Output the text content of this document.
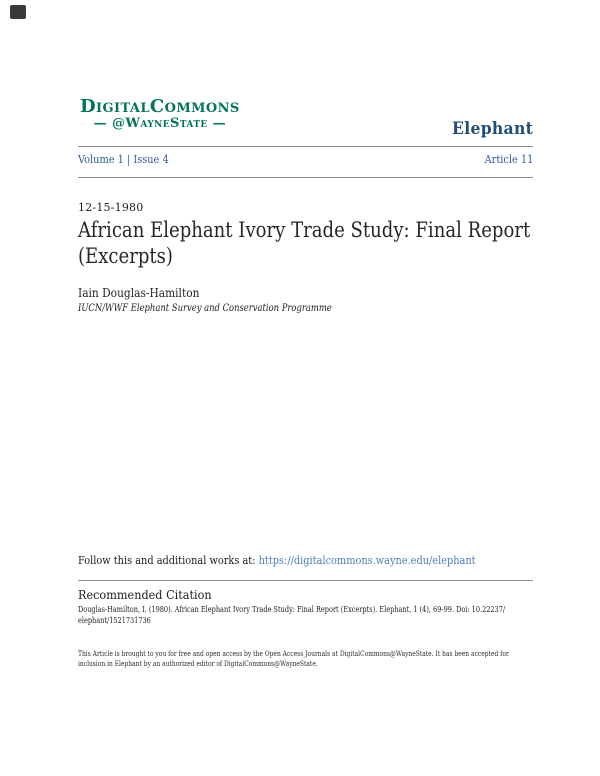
DigitalCommons
— @WayneState —	Elephant
Volume 1 | Issue 4	Article 11
12-15-1980
African Elephant Ivory Trade Study: Final Report
(Excerpts)
Iain Douglas-Hamilton
IUCN/WWF Elephant Survey and Conservation Programme
Follow this and additional works at: https://digitalcommons.wayne.edu/elephant
Recommended Citation
Douglas-Hamilton, I. (1980). African Elephant Ivory Trade Study: Final Report (Excerpts). Elephant, 1 (4), 69-99. Doi: 10.22237/
elephant/1521731736
This Article is brought to you for free and open access by the Open Access Journals at DigitalCommons@WayneState. It has been accepted for
inclusion in Elephant by an authorized editor of DigitalCommons@WayneState.
